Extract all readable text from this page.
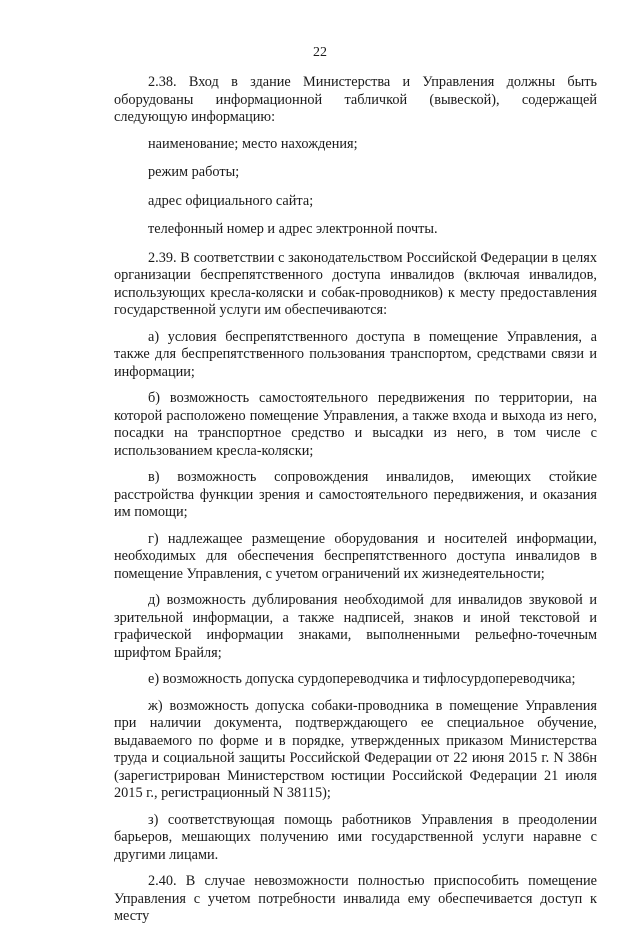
22

2.38. Вход в здание Министерства и Управления должны быть оборудованы информационной табличкой (вывеской), содержащей следующую информацию:

наименование; место нахождения;

режим работы;

адрес официального сайта;

телефонный номер и адрес электронной почты.

2.39. В соответствии с законодательством Российской Федерации в целях организации беспрепятственного доступа инвалидов (включая инвалидов, использующих кресла-коляски и собак-проводников) к месту предоставления государственной услуги им обеспечиваются:

а) условия беспрепятственного доступа в помещение Управления, а также для беспрепятственного пользования транспортом, средствами связи и информации;

б) возможность самостоятельного передвижения по территории, на которой расположено помещение Управления, а также входа и выхода из него, посадки на транспортное средство и высадки из него, в том числе с использованием кресла-коляски;

в) возможность сопровождения инвалидов, имеющих стойкие расстройства функции зрения и самостоятельного передвижения, и оказания им помощи;

г) надлежащее размещение оборудования и носителей информации, необходимых для обеспечения беспрепятственного доступа инвалидов в помещение Управления, с учетом ограничений их жизнедеятельности;

д) возможность дублирования необходимой для инвалидов звуковой и зрительной информации, а также надписей, знаков и иной текстовой и графической информации знаками, выполненными рельефно-точечным шрифтом Брайля;

е) возможность допуска сурдопереводчика и тифлосурдопереводчика;

ж) возможность допуска собаки-проводника в помещение Управления при наличии документа, подтверждающего ее специальное обучение, выдаваемого по форме и в порядке, утвержденных приказом Министерства труда и социальной защиты Российской Федерации от 22 июня 2015 г. N 386н (зарегистрирован Министерством юстиции Российской Федерации 21 июля 2015 г., регистрационный N 38115);

з) соответствующая помощь работников Управления в преодолении барьеров, мешающих получению ими государственной услуги наравне с другими лицами.

2.40. В случае невозможности полностью приспособить помещение Управления с учетом потребности инвалида ему обеспечивается доступ к месту
